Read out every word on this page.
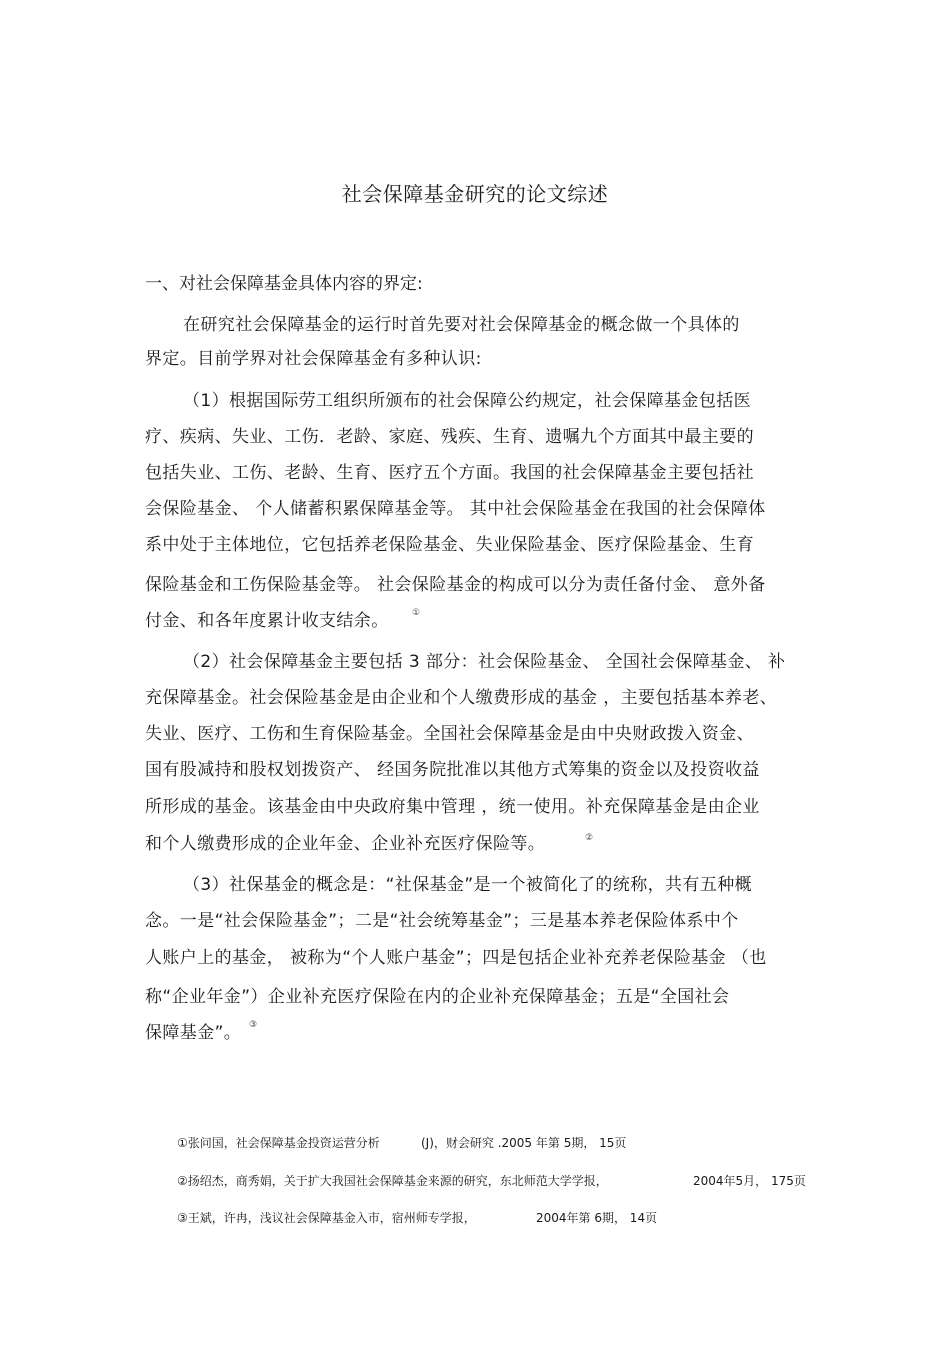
社会保障基金研究的论文综述
一、对社会保障基金具体内容的界定:
在研究社会保障基金的运行时首先要对社会保障基金的概念做一个具体的
界定。目前学界对社会保障基金有多种认识:
（1）根据国际劳工组织所颁布的社会保障公约规定，社会保障基金包括医
疗、疾病、失业、工伤．老龄、家庭、残疾、生育、遗嘱九个方面其中最主要的
包括失业、工伤、老龄、生育、医疗五个方面。我国的社会保障基金主要包括社
会保险基金、 个人储蓄积累保障基金等。 其中社会保险基金在我国的社会保障体
系中处于主体地位，它包括养老保险基金、失业保险基金、医疗保险基金、生育
保险基金和工伤保险基金等。 社会保险基金的构成可以分为责任备付金、 意外备
付金、和各年度累计收支结余。	①
（2）社会保障基金主要包括 3 部分：社会保险基金、 全国社会保障基金、 补
充保障基金。社会保险基金是由企业和个人缴费形成的基金 ，主要包括基本养老、
失业、医疗、工伤和生育保险基金。全国社会保障基金是由中央财政拨入资金、
国有股减持和股权划拨资产、 经国务院批准以其他方式筹集的资金以及投资收益
所形成的基金。该基金由中央政府集中管理 ，统一使用。补充保障基金是由企业
和个人缴费形成的企业年金、企业补充医疗保险等。	②
（3）社保基金的概念是：“社保基金”是一个被简化了的统称，共有五种概
念。一是“社会保险基金”；二是“社会统筹基金”；三是基本养老保险体系中个
人账户上的基金， 被称为“个人账户基金”；四是包括企业补充养老保险基金 （也
称“企业年金”）企业补充医疗保险在内的企业补充保障基金；五是“全国社会
保障基金”。 ③
①张问国，社会保障基金投资运营分析	(J)，财会研究 .2005 年第 5期， 15页
②扬绍杰，商秀娟，关于扩大我国社会保障基金来源的研究，东北师范大学学报，	2004年5月， 175页
③王斌，许冉，浅议社会保障基金入市，宿州师专学报，	2004年第 6期， 14页
